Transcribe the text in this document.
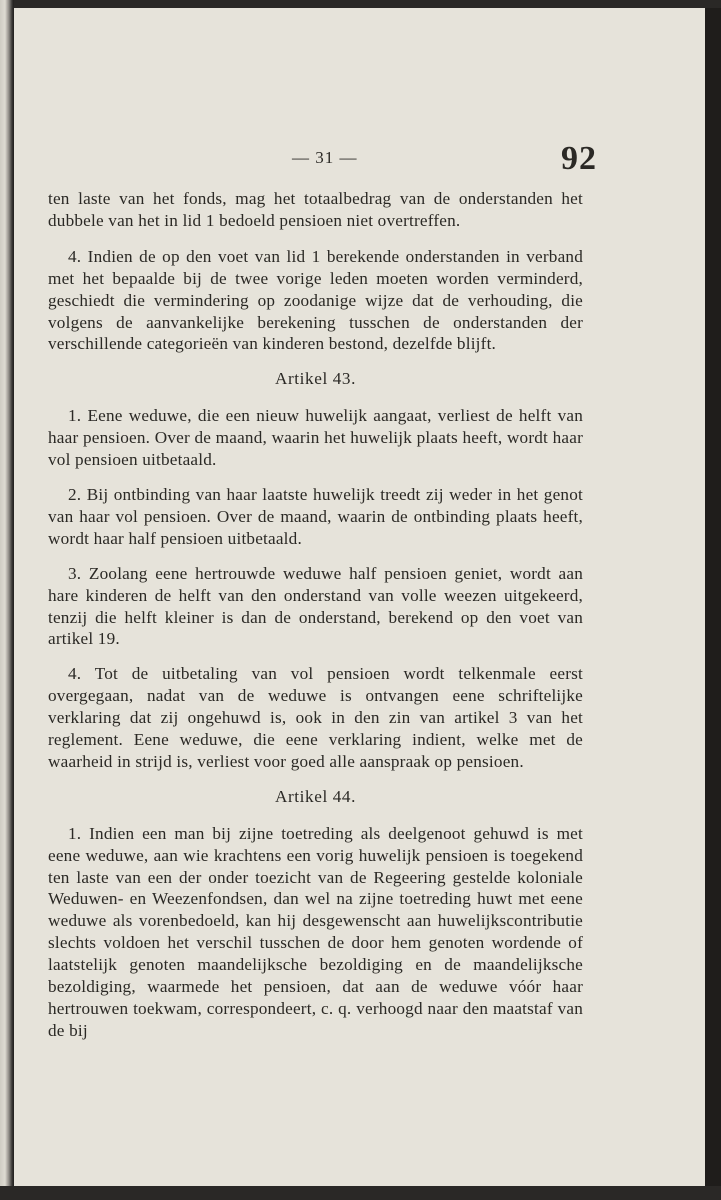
— 31 —	92

ten laste van het fonds, mag het totaalbedrag van de onderstanden het dubbele van het in lid 1 bedoeld pensioen niet overtreffen.

4. Indien de op den voet van lid 1 berekende onderstanden in verband met het bepaalde bij de twee vorige leden moeten worden verminderd, geschiedt die vermindering op zoodanige wijze dat de verhouding, die volgens de aanvankelijke berekening tusschen de onderstanden der verschillende categorieën van kinderen bestond, dezelfde blijft.

Artikel 43.

1. Eene weduwe, die een nieuw huwelijk aangaat, verliest de helft van haar pensioen. Over de maand, waarin het huwelijk plaats heeft, wordt haar vol pensioen uitbetaald.

2. Bij ontbinding van haar laatste huwelijk treedt zij weder in het genot van haar vol pensioen. Over de maand, waarin de ontbinding plaats heeft, wordt haar half pensioen uitbetaald.

3. Zoolang eene hertrouwde weduwe half pensioen geniet, wordt aan hare kinderen de helft van den onderstand van volle weezen uitgekeerd, tenzij die helft kleiner is dan de onderstand, berekend op den voet van artikel 19.

4. Tot de uitbetaling van vol pensioen wordt telkenmale eerst overgegaan, nadat van de weduwe is ontvangen eene schriftelijke verklaring dat zij ongehuwd is, ook in den zin van artikel 3 van het reglement. Eene weduwe, die eene verklaring indient, welke met de waarheid in strijd is, verliest voor goed alle aanspraak op pensioen.

Artikel 44.

1. Indien een man bij zijne toetreding als deelgenoot gehuwd is met eene weduwe, aan wie krachtens een vorig huwelijk pensioen is toegekend ten laste van een der onder toezicht van de Regeering gestelde koloniale Weduwen- en Weezenfondsen, dan wel na zijne toetreding huwt met eene weduwe als vorenbedoeld, kan hij desgewenscht aan huwelijkscontributie slechts voldoen het verschil tusschen de door hem genoten wordende of laatstelijk genoten maandelijksche bezoldiging en de maandelijksche bezoldiging, waarmede het pensioen, dat aan de weduwe vóór haar hertrouwen toekwam, correspondeert, c. q. verhoogd naar den maatstaf van de bij
